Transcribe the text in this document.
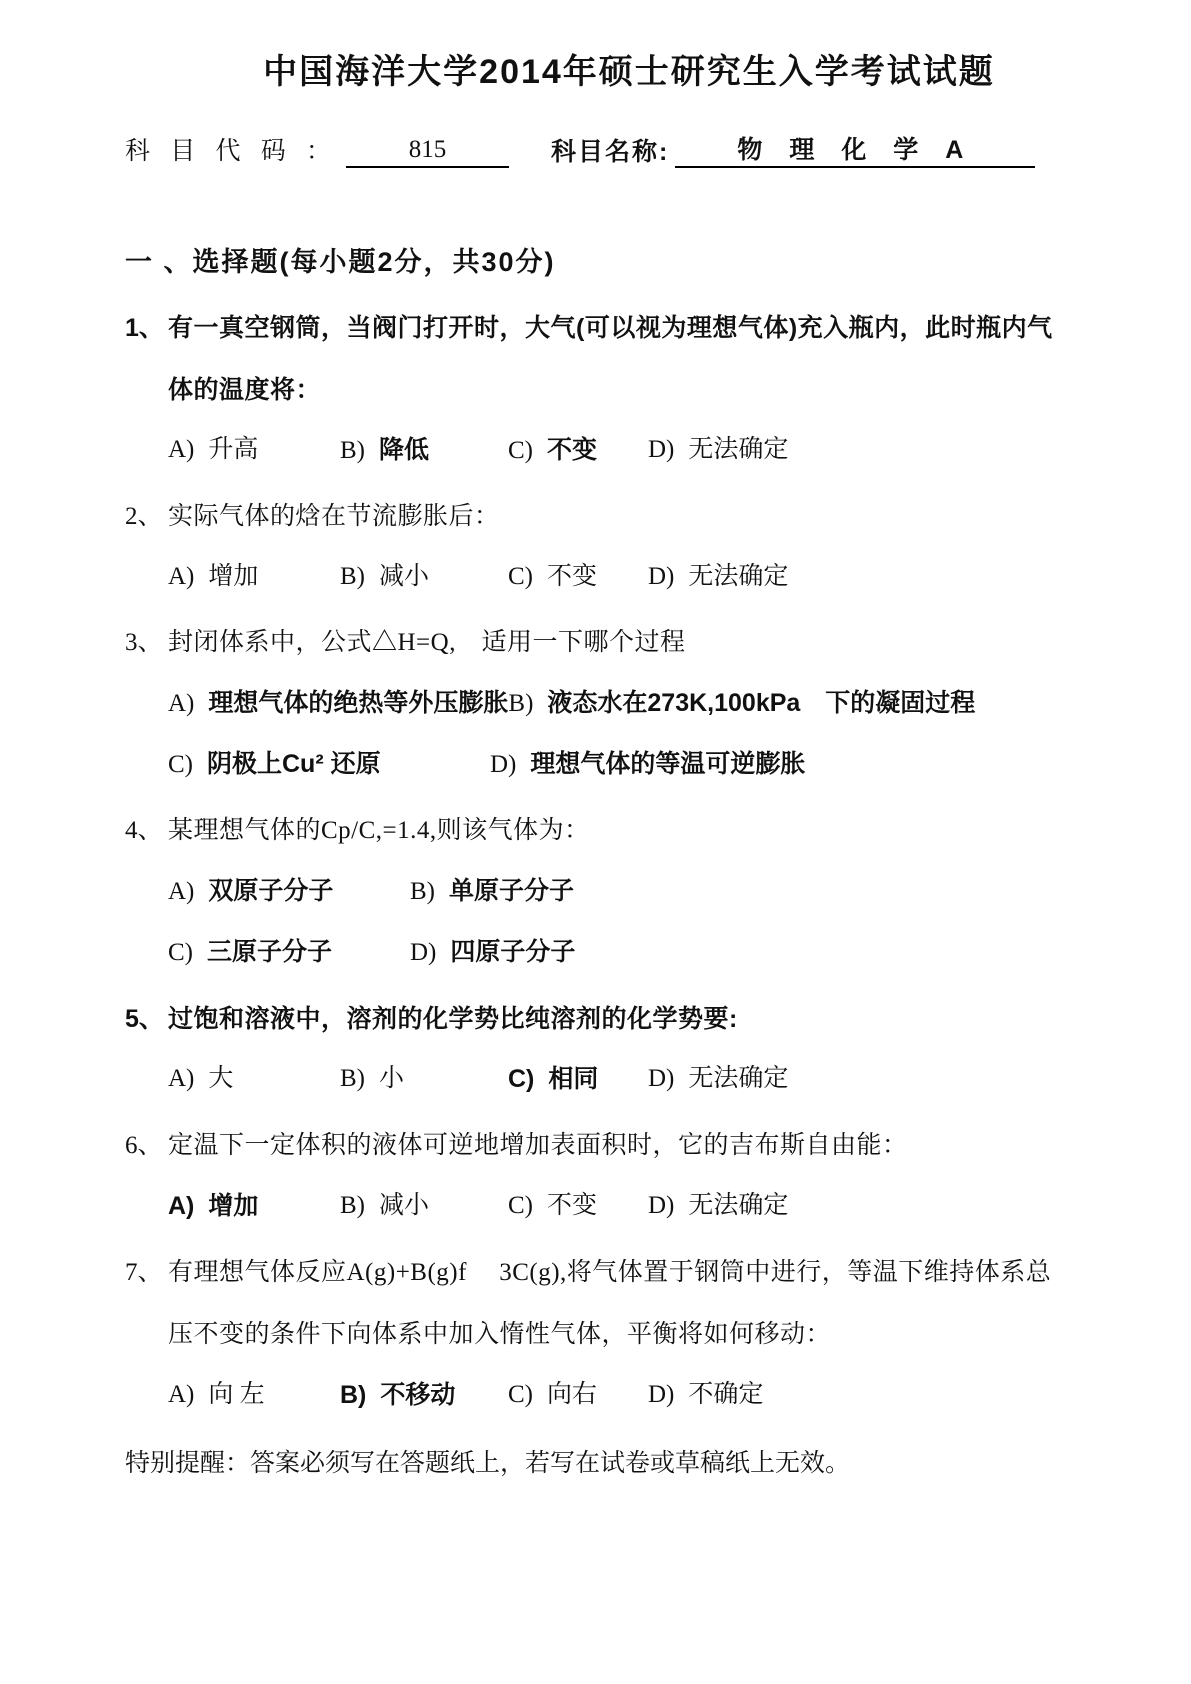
中国海洋大学2014年硕士研究生入学考试试题
科 目 代 码 ：	815	科目名称:	物 理 化 学 A
一 、选择题(每小题2分，共30分)
1、 有一真空钢筒，当阀门打开时，大气(可以视为理想气体)充入瓶内，此时瓶内气
体的温度将：
A) 升高	B) 降低	C) 不变	D) 无法确定
2、 实际气体的焓在节流膨胀后：
A) 增加	B) 减小	C) 不变	D) 无法确定
3、 封闭体系中，公式△H=Q,　适用一下哪个过程
A) 理想气体的绝热等外压膨胀 B) 液态水在273K,100kPa　下的凝固过程
C) 阴极上Cu² 还原	D) 理想气体的等温可逆膨胀
4、 某理想气体的Cp/C,=1.4,则该气体为：
A) 双原子分子	B) 单原子分子
C) 三原子分子	D) 四原子分子
5、 过饱和溶液中，溶剂的化学势比纯溶剂的化学势要:
A) 大	B) 小	C) 相同	D) 无法确定
6、 定温下一定体积的液体可逆地增加表面积时，它的吉布斯自由能：
A) 增加	B) 减小	C) 不变	D) 无法确定
7、 有理想气体反应A(g)+B(g)f　 3C(g),将气体置于钢筒中进行，等温下维持体系总
压不变的条件下向体系中加入惰性气体，平衡将如何移动：
A) 向 左	B) 不移动	C) 向右	D) 不确定
特别提醒：答案必须写在答题纸上，若写在试卷或草稿纸上无效。
